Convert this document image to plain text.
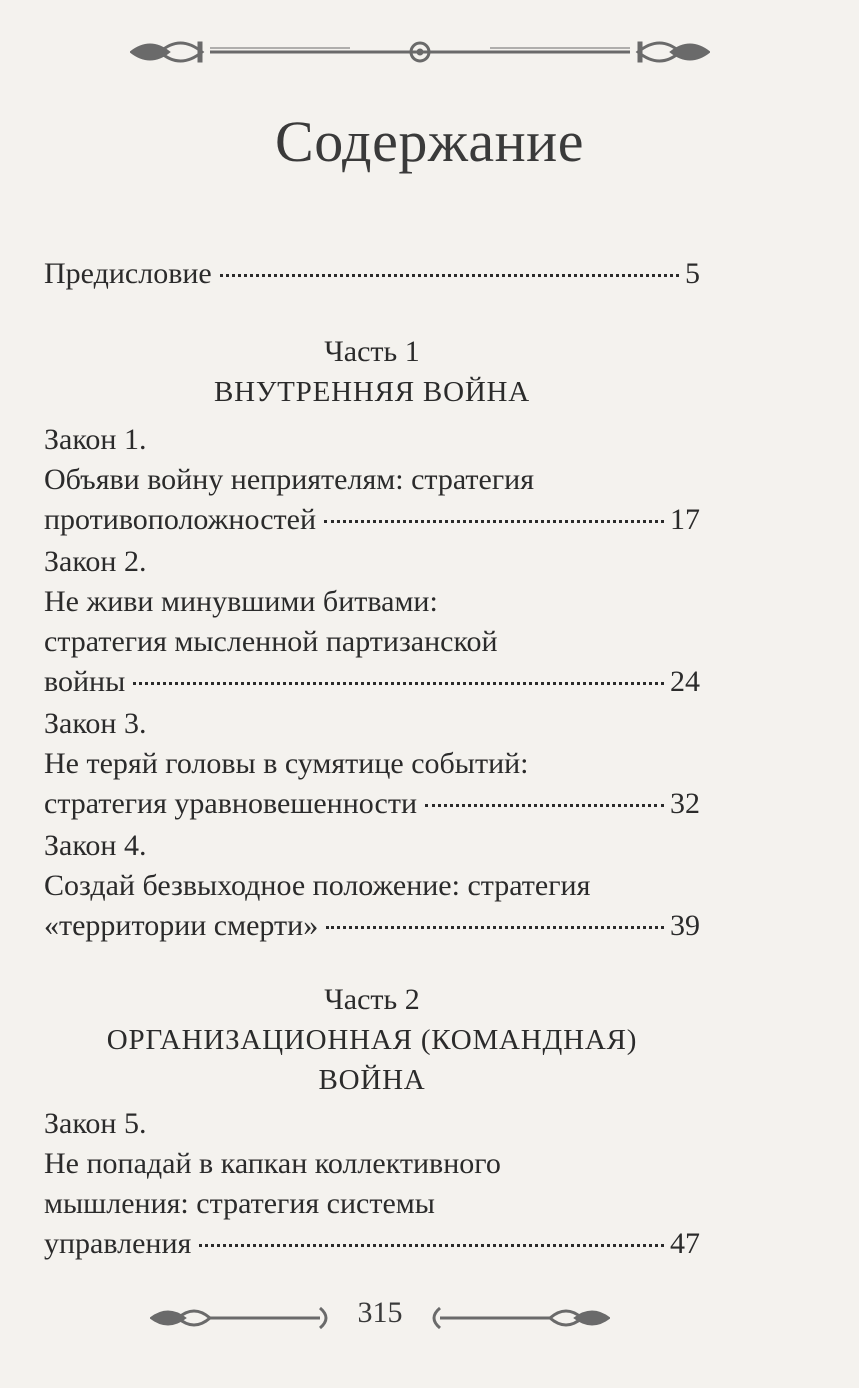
Содержание
Предисловие	5
Часть 1
ВНУТРЕННЯЯ ВОЙНА
Закон 1.
Объяви войну неприятелям: стратегия
противоположностей	17
Закон 2.
Не живи минувшими битвами:
стратегия мысленной партизанской
войны	24
Закон 3.
Не теряй головы в сумятице событий:
стратегия уравновешенности	32
Закон 4.
Создай безвыходное положение: стратегия
«территории смерти»	39
Часть 2
ОРГАНИЗАЦИОННАЯ (КОМАНДНАЯ)
ВОЙНА
Закон 5.
Не попадай в капкан коллективного
мышления: стратегия системы
управления	47
315
